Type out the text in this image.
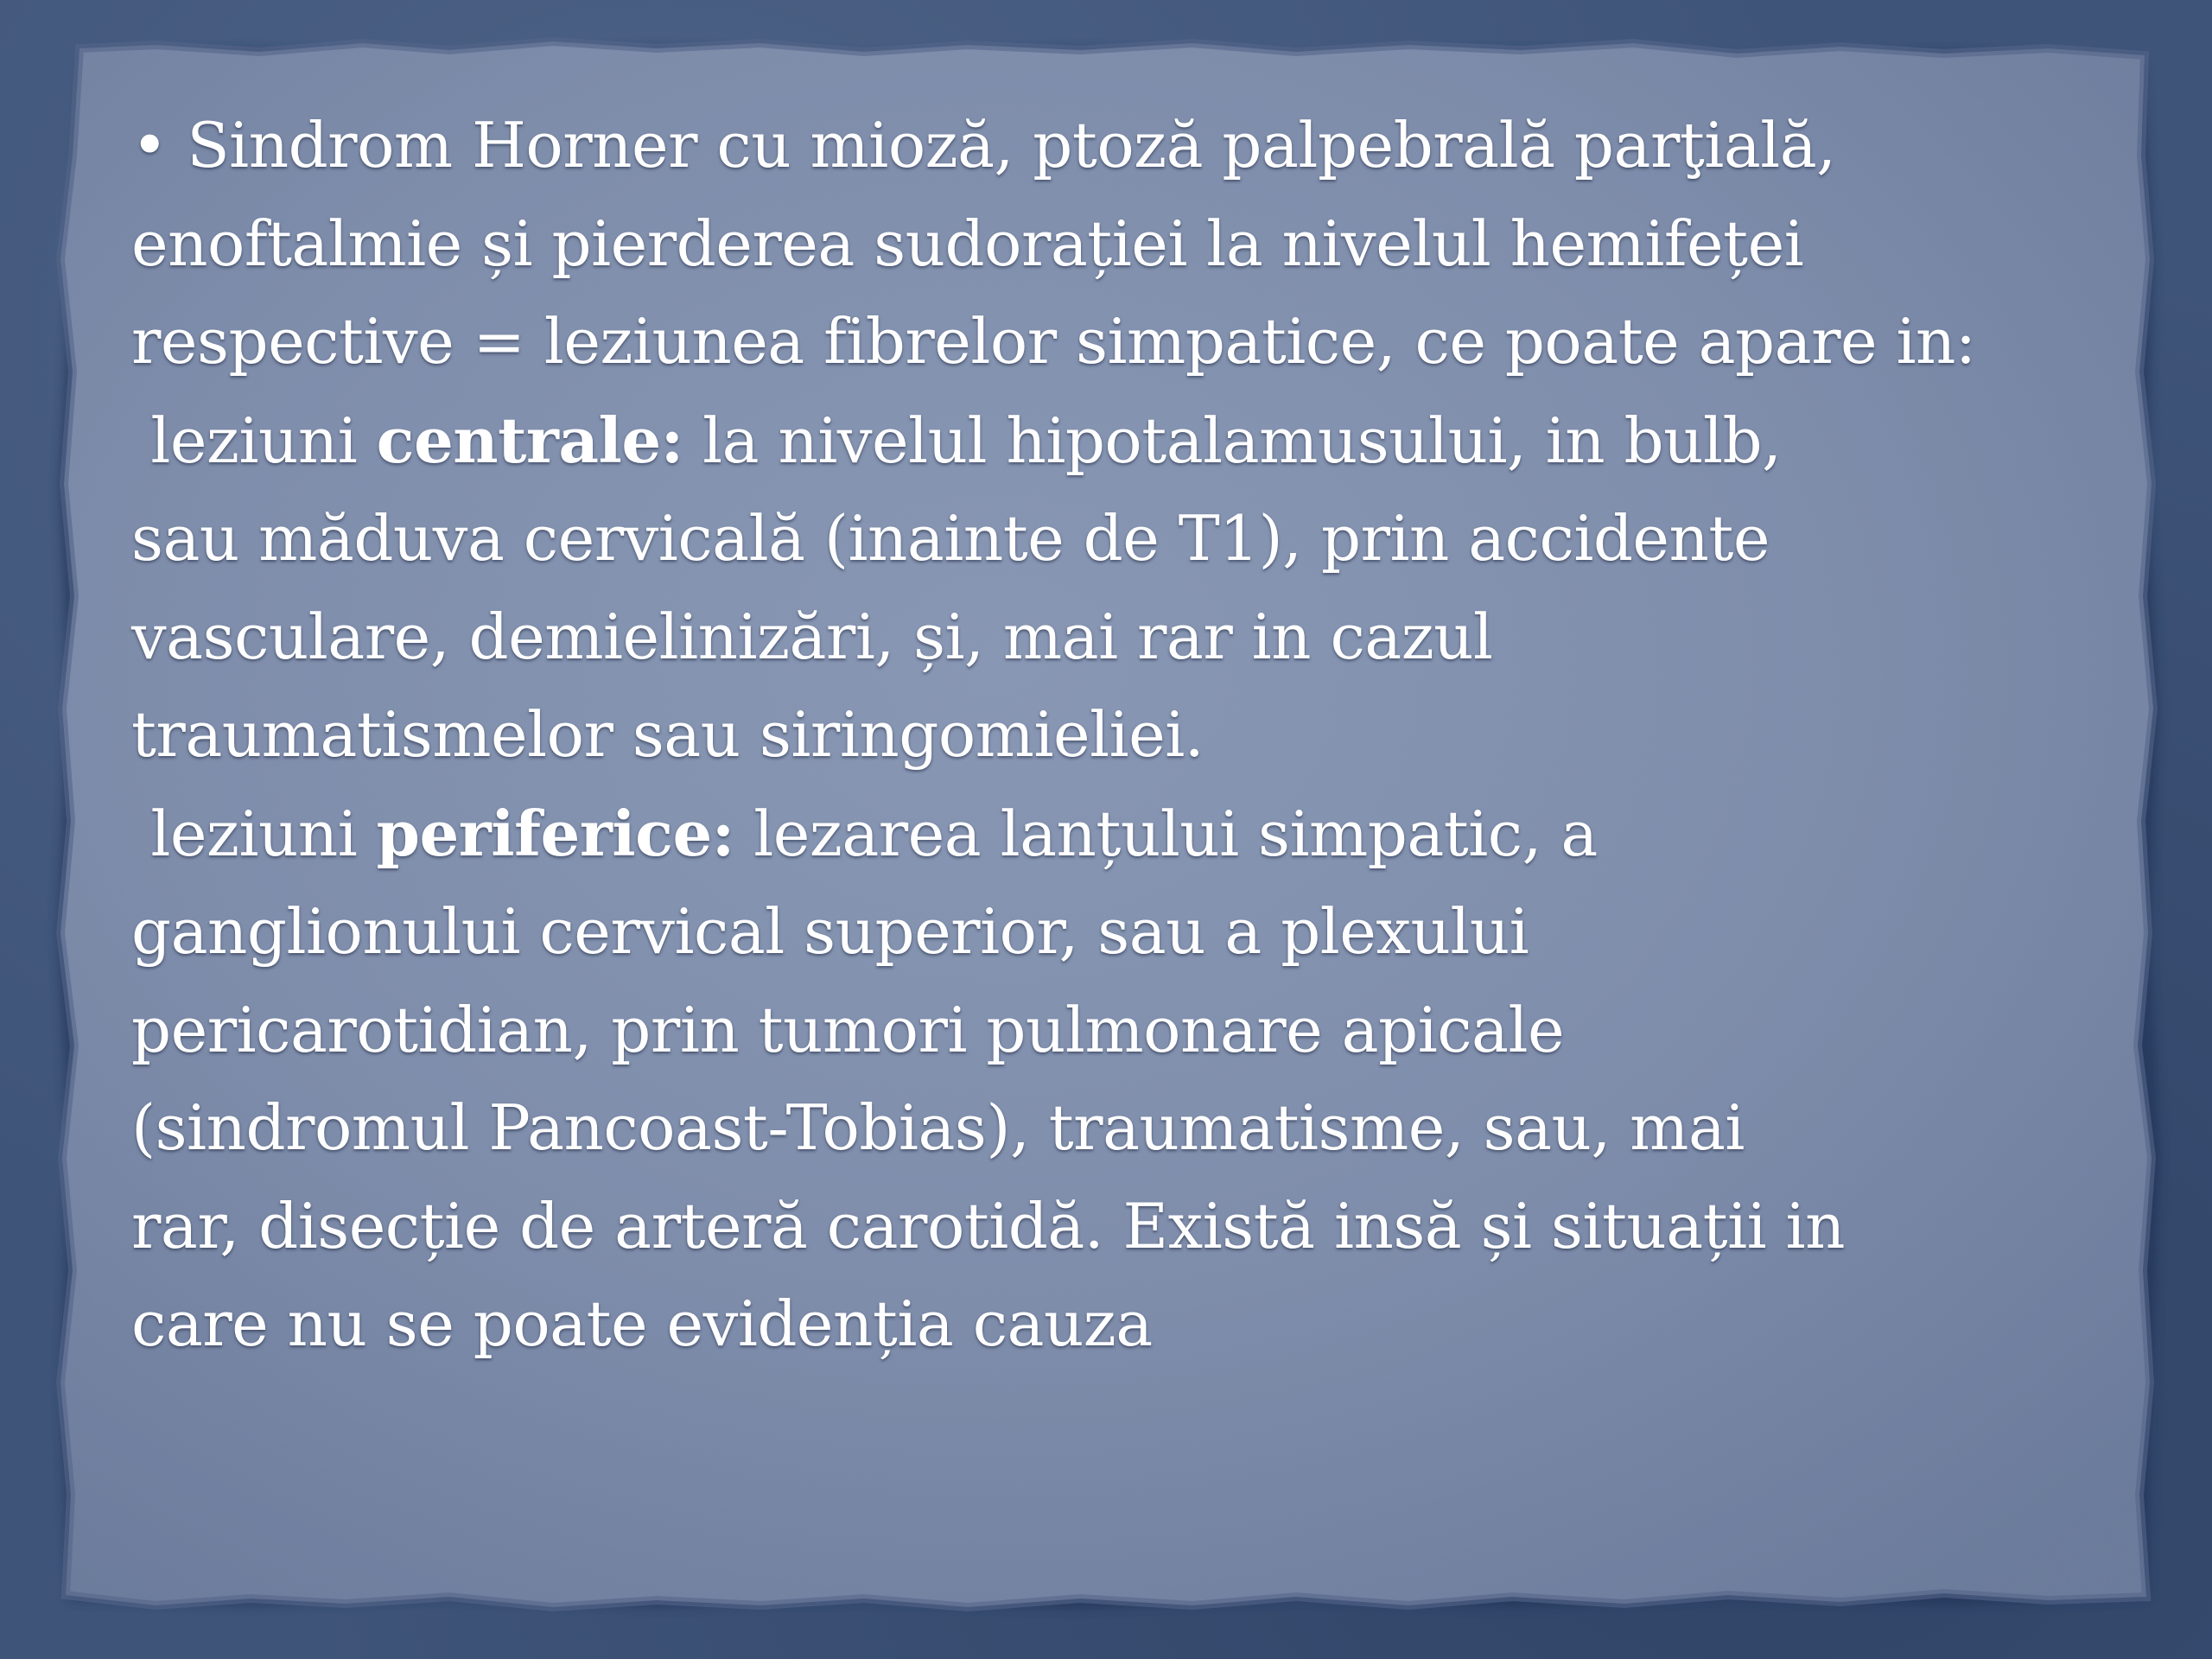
• Sindrom Horner cu mioză, ptoză palpebrală parţială,
enoftalmie și pierderea sudorației la nivelul hemifeței
respective = leziunea fibrelor simpatice, ce poate apare in:
leziuni centrale: la nivelul hipotalamusului, in bulb,
sau măduva cervicală (inainte de T1), prin accidente
vasculare, demielinizări, și, mai rar in cazul
traumatismelor sau siringomieliei.
leziuni periferice: lezarea lanțului simpatic, a
ganglionului cervical superior, sau a plexului
pericarotidian, prin tumori pulmonare apicale
(sindromul Pancoast-Tobias), traumatisme, sau, mai
rar, disecție de arteră carotidă. Există insă și situații in
care nu se poate evidenția cauza
